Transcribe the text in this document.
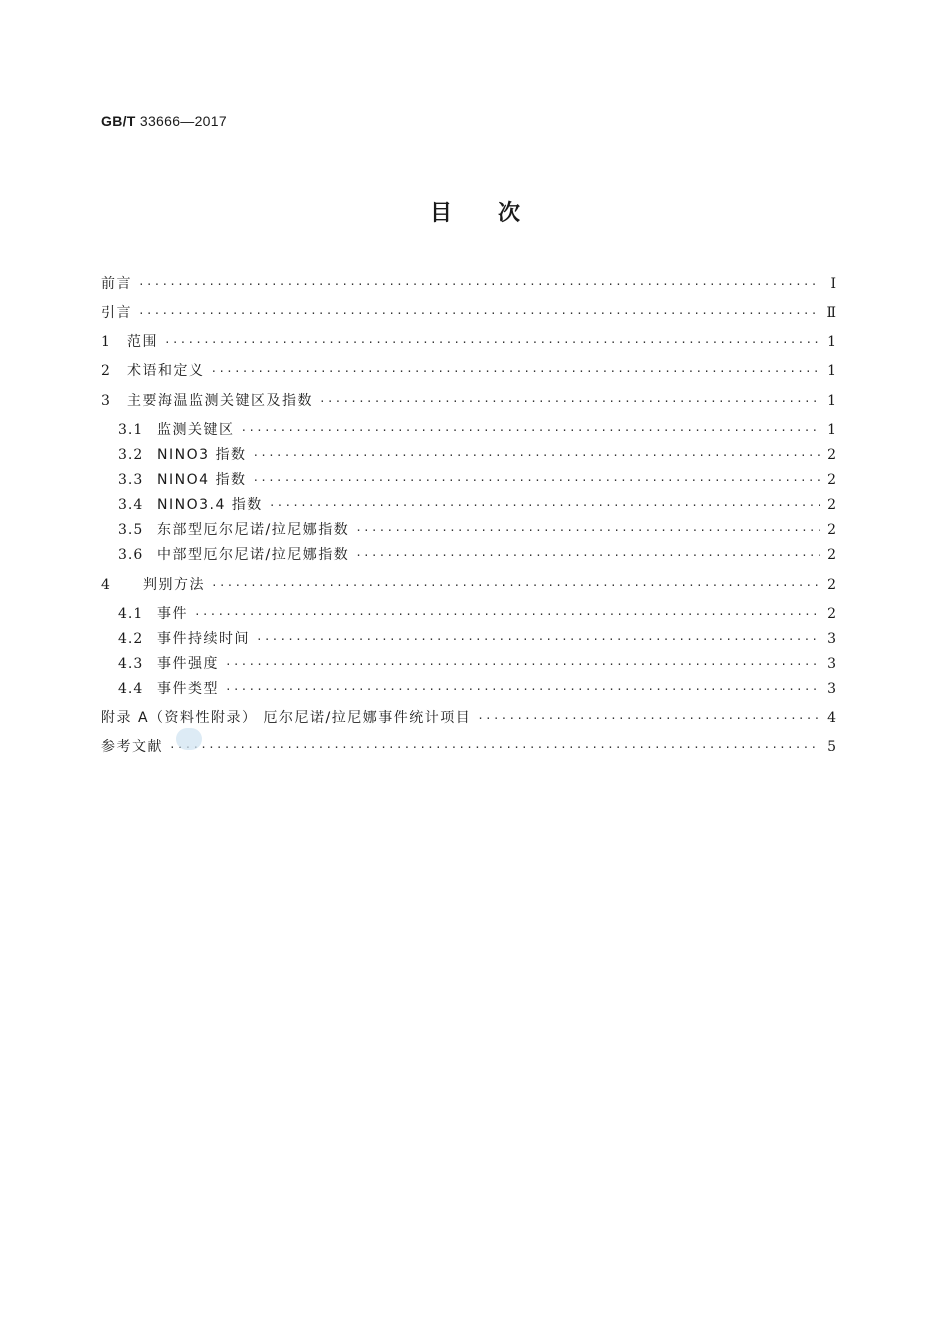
GB/T 33666—2017
目次
前言 ·····	Ⅰ
引言 ·····	Ⅱ
1	范围 ·····	1
2	术语和定义 ·····	1
3	主要海温监测关键区及指数 ·····	1
3.1 监测关键区 ·····	1
3.2 NINO3 指数 ·····	2
3.3 NINO4 指数 ·····	2
3.4 NINO3.4 指数 ·····	2
3.5 东部型厄尔尼诺/拉尼娜指数 ·····	2
3.6 中部型厄尔尼诺/拉尼娜指数 ·····	2
4	判别方法 ·····	2
4.1 事件 ·····	2
4.2 事件持续时间 ·····	3
4.3 事件强度 ·····	3
4.4 事件类型 ·····	3
附录 A（资料性附录） 厄尔尼诺/拉尼娜事件统计项目 ·····	4
参考文献 ·····	5
